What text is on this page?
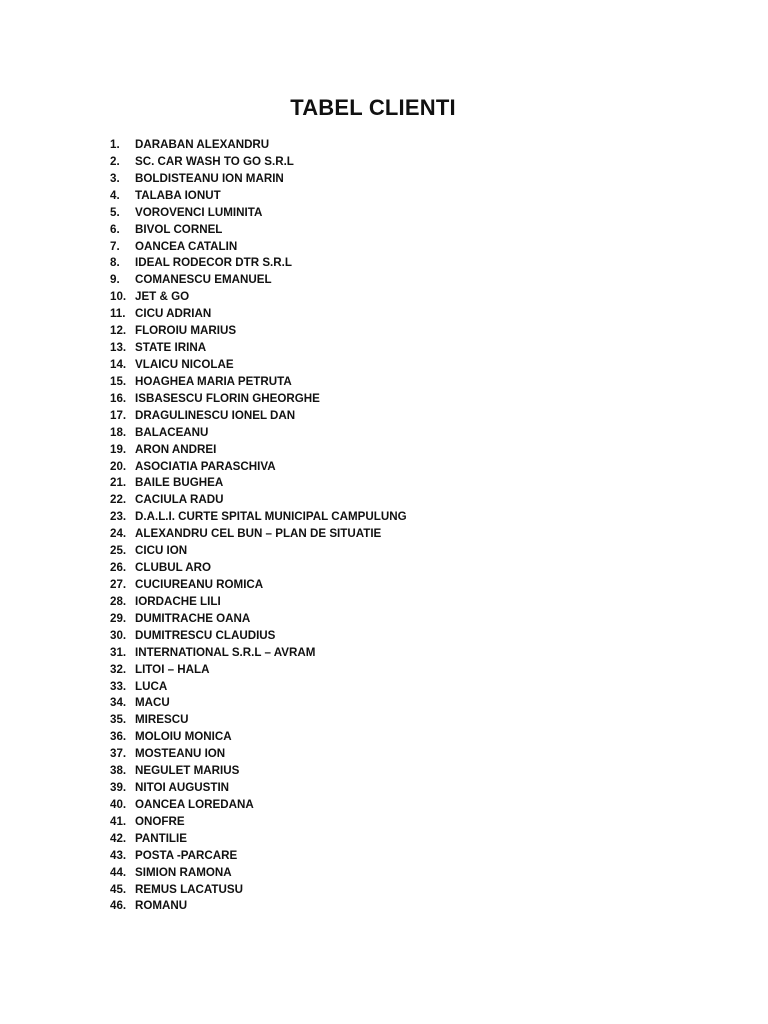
TABEL CLIENTI
1.	DARABAN ALEXANDRU
2.	SC. CAR WASH TO GO S.R.L
3.	BOLDISTEANU ION MARIN
4.	TALABA IONUT
5.	VOROVENCI LUMINITA
6.	BIVOL CORNEL
7.	OANCEA CATALIN
8.	IDEAL RODECOR DTR S.R.L
9.	COMANESCU EMANUEL
10. JET & GO
11. CICU ADRIAN
12. FLOROIU MARIUS
13. STATE IRINA
14. VLAICU NICOLAE
15. HOAGHEA MARIA PETRUTA
16. ISBASESCU FLORIN GHEORGHE
17. DRAGULINESCU IONEL DAN
18. BALACEANU
19. ARON ANDREI
20. ASOCIATIA PARASCHIVA
21. BAILE BUGHEA
22. CACIULA RADU
23. D.A.L.I. CURTE SPITAL MUNICIPAL CAMPULUNG
24. ALEXANDRU CEL BUN – PLAN DE SITUATIE
25. CICU ION
26. CLUBUL ARO
27. CUCIUREANU ROMICA
28. IORDACHE LILI
29. DUMITRACHE OANA
30. DUMITRESCU CLAUDIUS
31. INTERNATIONAL S.R.L – AVRAM
32. LITOI – HALA
33. LUCA
34. MACU
35. MIRESCU
36. MOLOIU MONICA
37. MOSTEANU ION
38. NEGULET MARIUS
39. NITOI AUGUSTIN
40. OANCEA LOREDANA
41. ONOFRE
42. PANTILIE
43. POSTA -PARCARE
44. SIMION RAMONA
45. REMUS LACATUSU
46. ROMANU
